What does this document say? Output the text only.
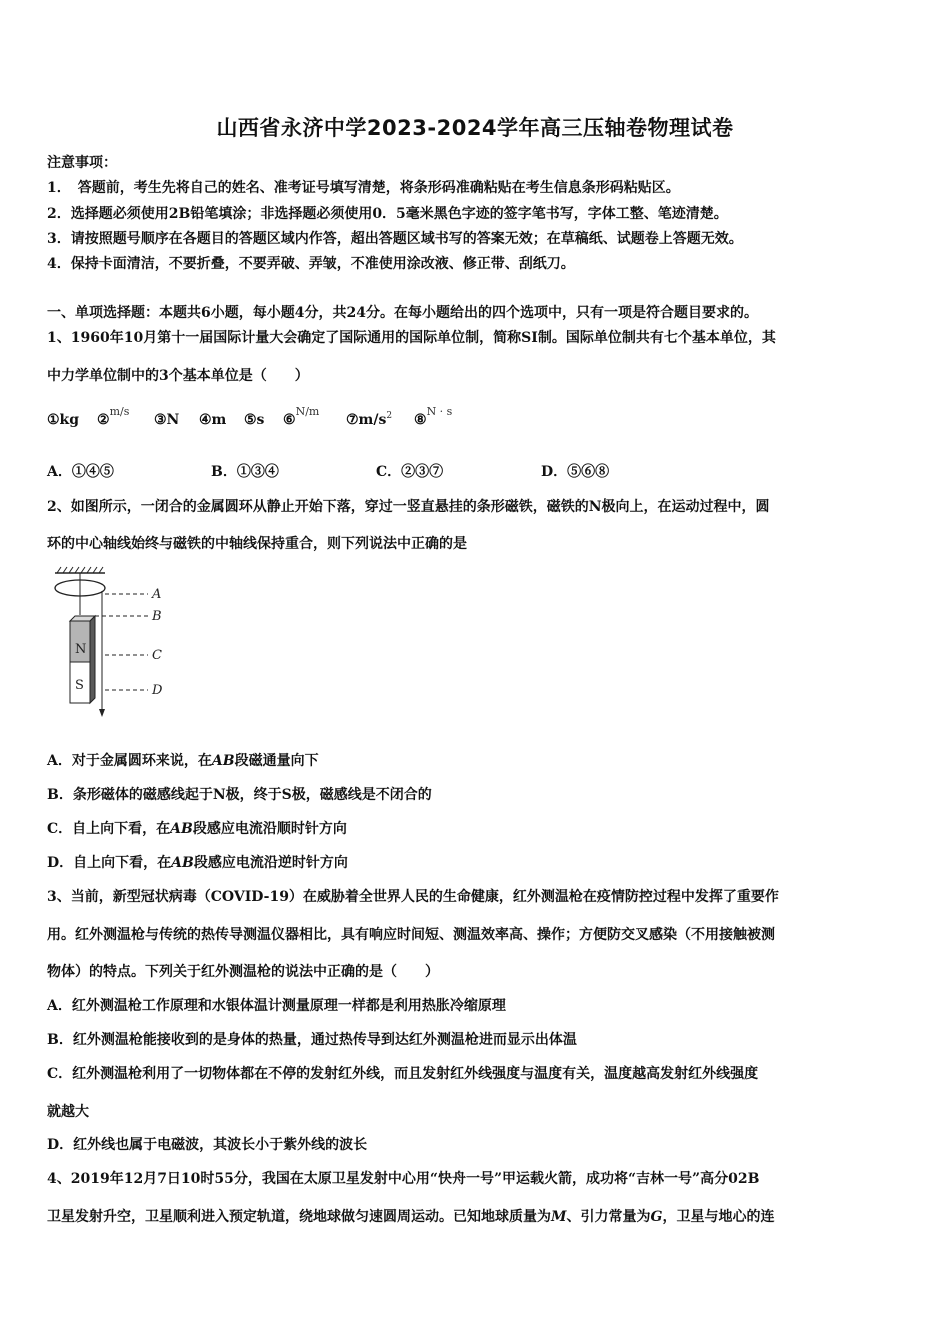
山西省永济中学2023-2024学年高三压轴卷物理试卷
注意事项：
1．　答题前，考生先将自己的姓名、准考证号填写清楚，将条形码准确粘贴在考生信息条形码粘贴区。
2．选择题必须使用2B铅笔填涂；非选择题必须使用0．5毫米黑色字迹的签字笔书写，字体工整、笔迹清楚。
3．请按照题号顺序在各题目的答题区域内作答，超出答题区域书写的答案无效；在草稿纸、试题卷上答题无效。
4．保持卡面清洁，不要折叠，不要弄破、弄皱，不准使用涂改液、修正带、刮纸刀。
一、单项选择题：本题共6小题，每小题4分，共24分。在每小题给出的四个选项中，只有一项是符合题目要求的。
1、1960年10月第十一届国际计量大会确定了国际通用的国际单位制，简称SI制。国际单位制共有七个基本单位，其
中力学单位制中的3个基本单位是（　　）
①kg ②$^{m/s}$
③N ④m ⑤s ⑥$^{N/m}$
$⑦m/s^2$ ⑧$^{N \cdot s}$
A．①④⑤	B．①③④	C．②③⑦	D．⑤⑥⑧
2、如图所示，一闭合的金属圆环从静止开始下落，穿过一竖直悬挂的条形磁铁，磁铁的N极向上，在运动过程中，圆
环的中心轴线始终与磁铁的中轴线保持重合，则下列说法中正确的是
N
S
A
B
C
D
A．对于金属圆环来说，在AB段磁通量向下
B．条形磁体的磁感线起于N极，终于S极，磁感线是不闭合的
C．自上向下看，在AB段感应电流沿顺时针方向
D．自上向下看，在AB段感应电流沿逆时针方向
3、当前，新型冠状病毒（COVID-19）在威胁着全世界人民的生命健康，红外测温枪在疫情防控过程中发挥了重要作
用。红外测温枪与传统的热传导测温仪器相比，具有响应时间短、测温效率高、操作；方便防交叉感染（不用接触被测
物体）的特点。下列关于红外测温枪的说法中正确的是（　　）
A．红外测温枪工作原理和水银体温计测量原理一样都是利用热胀冷缩原理
B．红外测温枪能接收到的是身体的热量，通过热传导到达红外测温枪进而显示出体温
C．红外测温枪利用了一切物体都在不停的发射红外线，而且发射红外线强度与温度有关，温度越高发射红外线强度
就越大
D．红外线也属于电磁波，其波长小于紫外线的波长
4、2019年12月7日10时55分，我国在太原卫星发射中心用“快舟一号”甲运载火箭，成功将“吉林一号”高分02B
卫星发射升空，卫星顺利进入预定轨道，绕地球做匀速圆周运动。已知地球质量为M、引力常量为G，卫星与地心的连
